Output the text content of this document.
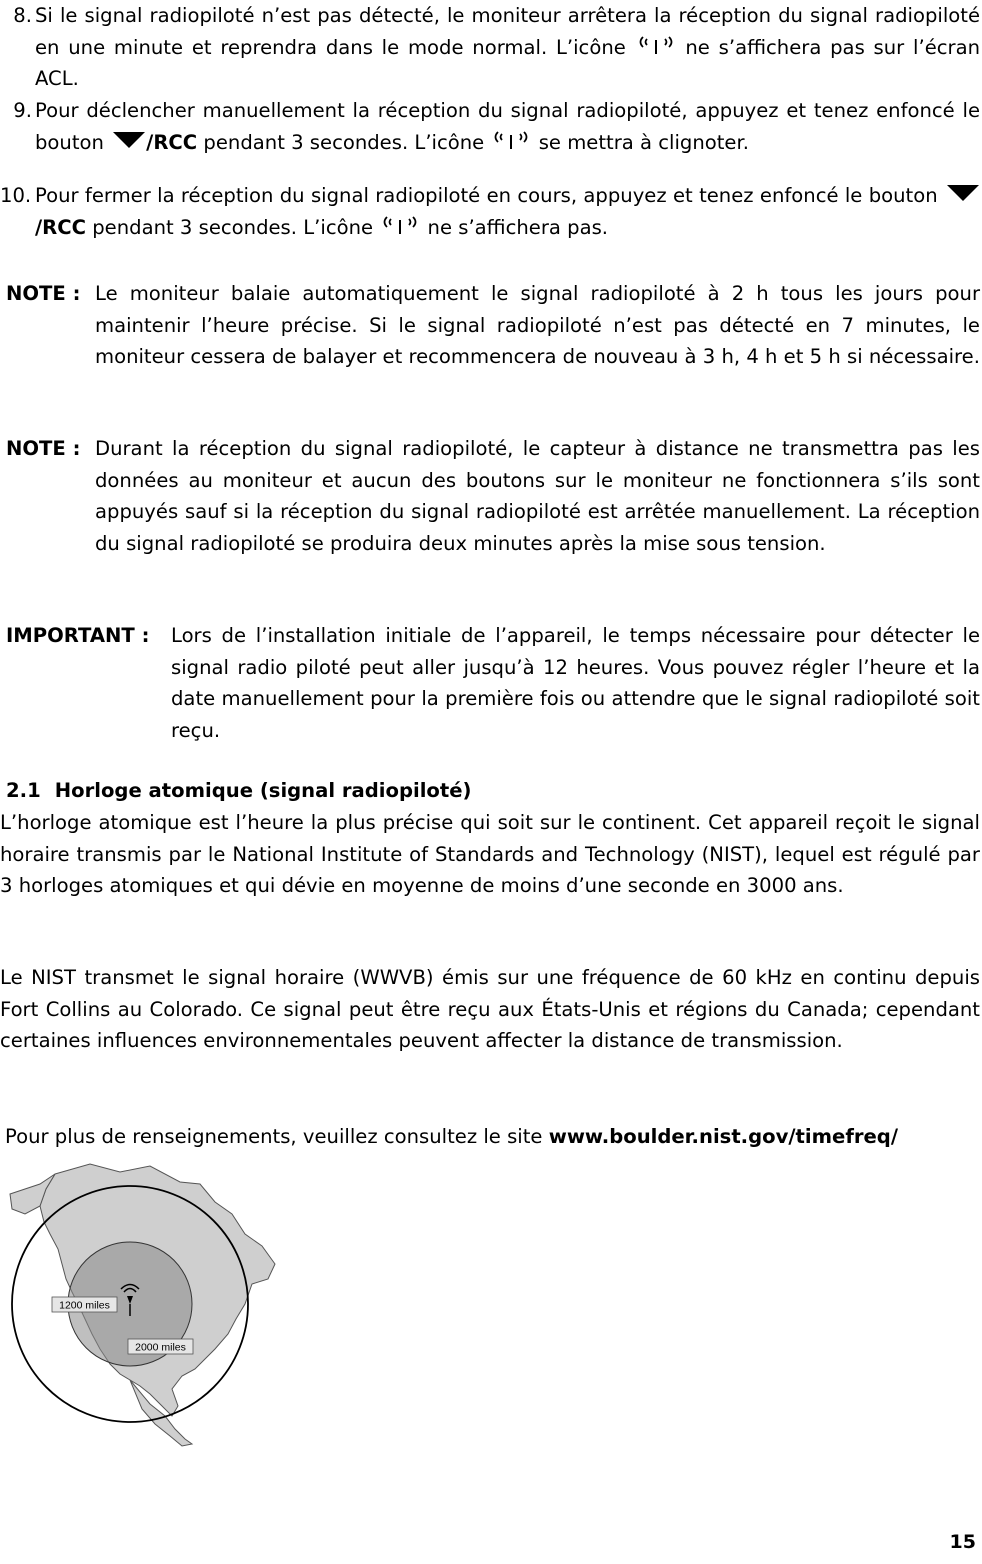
8. Si le signal radiopiloté n’est pas détecté, le moniteur arrêtera la réception du signal radiopiloté en une minute et reprendra dans le mode normal. L’icône	ne s’affichera pas sur l’écran ACL.
9. Pour déclencher manuellement la réception du signal radiopiloté, appuyez et tenez enfoncé le bouton /RCC pendant 3 secondes. L’icône	se mettra à clignoter.
10. Pour fermer la réception du signal radiopiloté en cours, appuyez et tenez enfoncé le bouton /RCC pendant 3 secondes. L’icône	ne s’affichera pas.
NOTE : Le moniteur balaie automatiquement le signal radiopiloté à 2 h tous les jours pour maintenir l’heure précise. Si le signal radiopiloté n’est pas détecté en 7 minutes, le moniteur cessera de balayer et recommencera de nouveau à 3 h, 4 h et 5 h si nécessaire.
NOTE : Durant la réception du signal radiopiloté, le capteur à distance ne transmettra pas les données au moniteur et aucun des boutons sur le moniteur ne fonctionnera s’ils sont appuyés sauf si la réception du signal radiopiloté est arrêtée manuellement. La réception du signal radiopiloté se produira deux minutes après la mise sous tension.
IMPORTANT : Lors de l’installation initiale de l’appareil, le temps nécessaire pour détecter le signal radio piloté peut aller jusqu’à 12 heures. Vous pouvez régler l’heure et la date manuellement pour la première fois ou attendre que le signal radiopiloté soit reçu.
2.1 Horloge atomique (signal radiopiloté)
L’horloge atomique est l’heure la plus précise qui soit sur le continent. Cet appareil reçoit le signal horaire transmis par le National Institute of Standards and Technology (NIST), lequel est régulé par 3 horloges atomiques et qui dévie en moyenne de moins d’une seconde en 3000 ans.
Le NIST transmet le signal horaire (WWVB) émis sur une fréquence de 60 kHz en continu depuis Fort Collins au Colorado. Ce signal peut être reçu aux États-Unis et régions du Canada; cependant certaines influences environnementales peuvent affecter la distance de transmission.
Pour plus de renseignements, veuillez consultez le site www.boulder.nist.gov/timefreq/
1200 miles
2000 miles
15
